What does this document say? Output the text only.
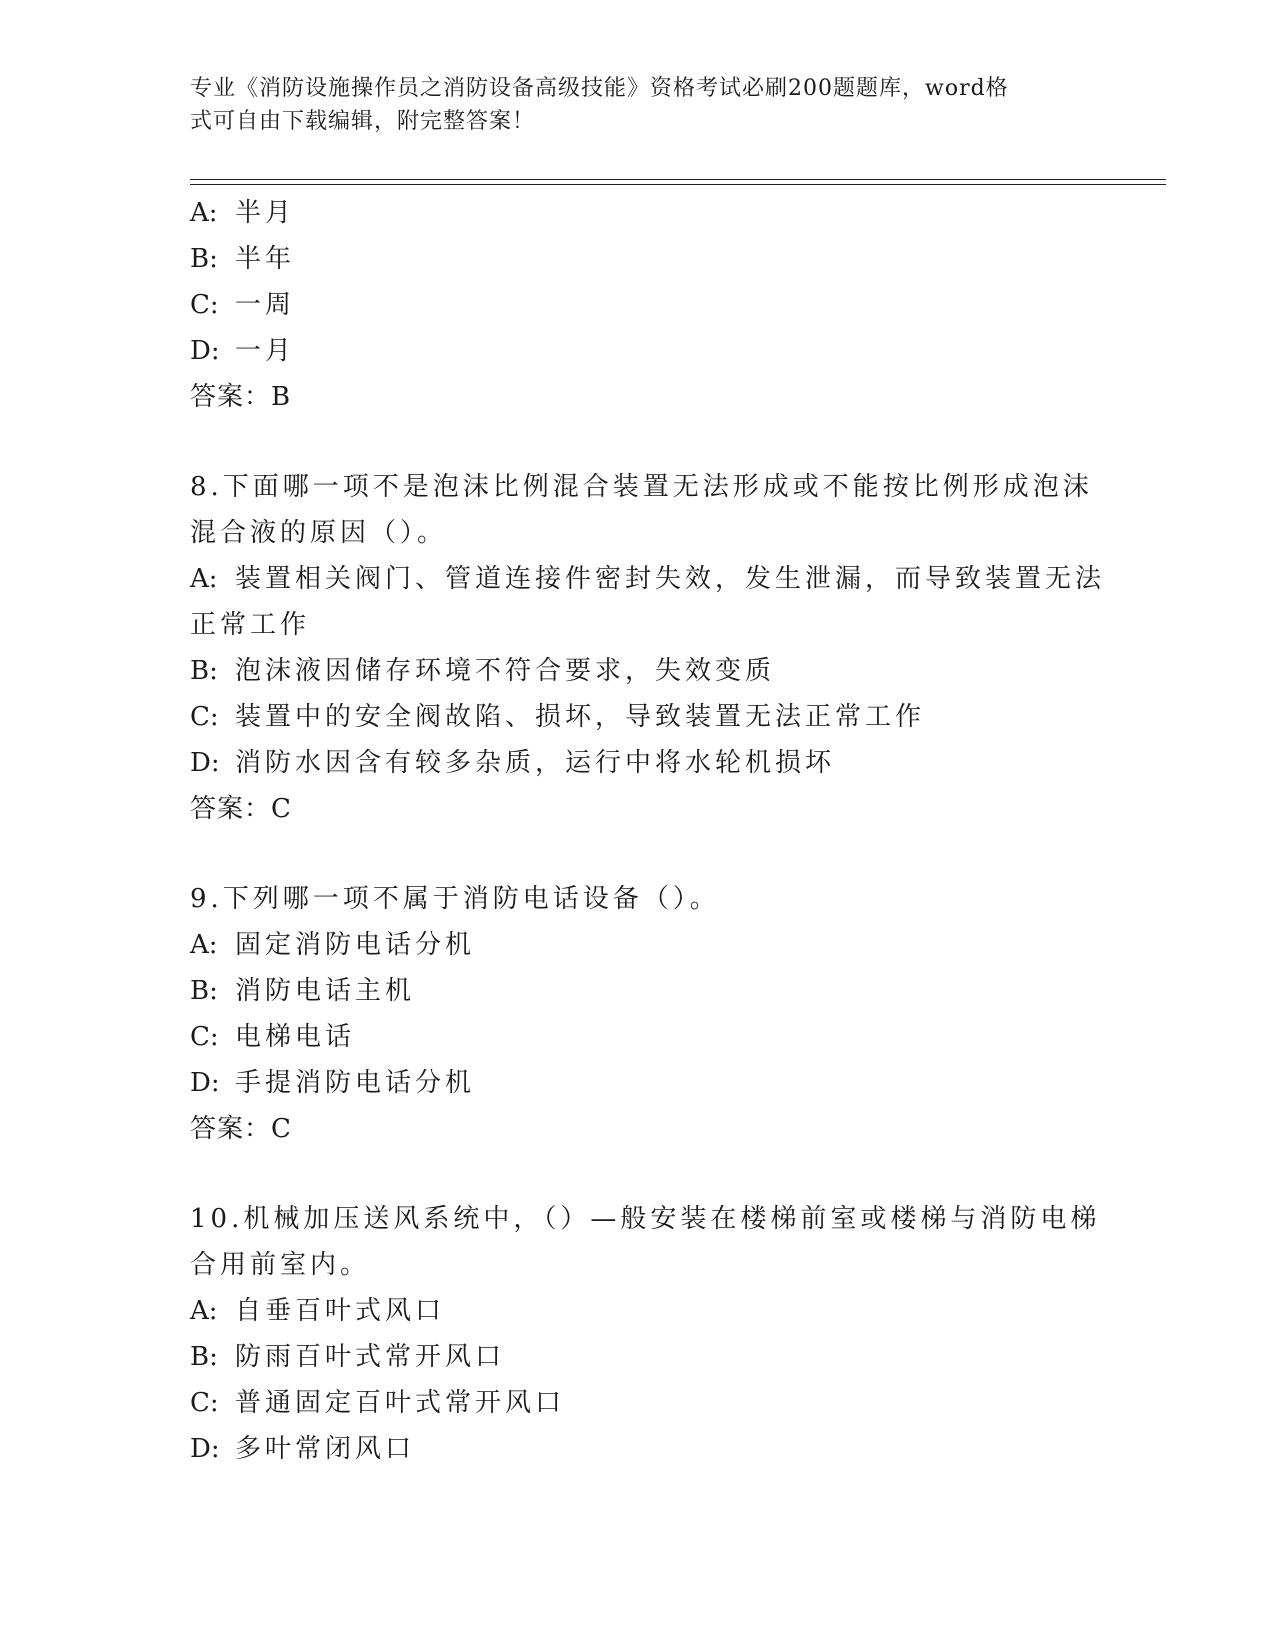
专业《消防设施操作员之消防设备高级技能》资格考试必刷200题题库，word格
式可自由下载编辑，附完整答案！

A: 半月

B: 半年

C: 一周

D: 一月

答案：B

8.下面哪一项不是泡沫比例混合装置无法形成或不能按比例形成泡沫

混合液的原因（）。

A: 装置相关阀门、管道连接件密封失效，发生泄漏，而导致装置无法

正常工作

B: 泡沫液因储存环境不符合要求，失效变质

C: 装置中的安全阀故陷、损坏，导致装置无法正常工作

D: 消防水因含有较多杂质，运行中将水轮机损坏

答案：C

9.下列哪一项不属于消防电话设备（）。

A: 固定消防电话分机

B: 消防电话主机

C: 电梯电话

D: 手提消防电话分机

答案：C

10.机械加压送风系统中，（）—般安装在楼梯前室或楼梯与消防电梯

合用前室内。

A: 自垂百叶式风口

B: 防雨百叶式常开风口

C: 普通固定百叶式常开风口

D: 多叶常闭风口
